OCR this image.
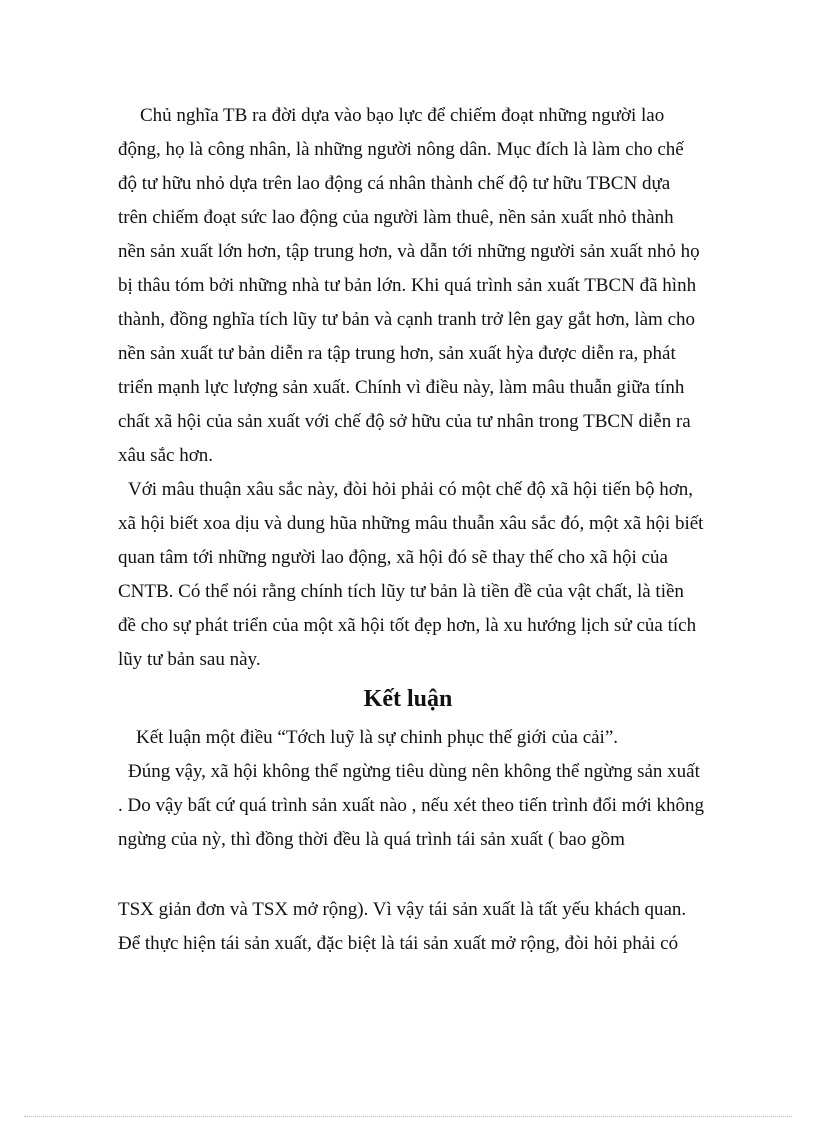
Chủ nghĩa TB ra đời dựa vào bạo lực để chiếm đoạt những người lao
động, họ là công nhân, là những người nông dân. Mục đích là làm cho chế
độ tư hữu nhỏ dựa trên lao động cá nhân thành chế độ tư hữu TBCN dựa
trên chiếm đoạt sức lao động của người làm thuê, nền sản xuất nhỏ thành
nền sản xuất lớn hơn, tập trung hơn, và dẫn tới những người sản xuất nhỏ họ
bị thâu tóm bởi những nhà tư bản lớn. Khi quá trình sản xuất TBCN đã hình
thành, đồng nghĩa tích lũy tư bản và cạnh tranh trở lên gay gắt hơn, làm cho
nền sản xuất tư bản diễn ra tập trung hơn, sản xuất hỳa được diễn ra, phát
triển mạnh lực lượng sản xuất. Chính vì điều này, làm mâu thuẫn giữa tính
chất xã hội của sản xuất với chế độ sở hữu của tư nhân trong TBCN diễn ra
xâu sắc hơn.
Với mâu thuận xâu sắc này, đòi hỏi phải có một chế độ xã hội tiến bộ hơn,
xã hội biết xoa dịu và dung hũa những mâu thuẫn xâu sắc đó, một xã hội biết
quan tâm tới những người lao động, xã hội đó sẽ thay thế cho xã hội của
CNTB. Có thể nói rằng chính tích lũy tư bản là tiền đề của vật chất, là tiền
đề cho sự phát triển của một xã hội tốt đẹp hơn, là xu hướng lịch sử của tích
lũy tư bản sau này.
Kết luận
Kết luận một điều “Tớch luỹ là sự chinh phục thế giới của cải”.
Đúng vậy, xã hội không thể ngừng tiêu dùng nên không thể ngừng sản xuất
. Do vậy bất cứ quá trình sản xuất nào , nếu xét theo tiến trình đổi mới không
ngừng của nỳ, thì đồng thời đều là quá trình tái sản xuất ( bao gồm
TSX giản đơn và TSX mở rộng). Vì vậy tái sản xuất là tất yếu khách quan.
Để thực hiện tái sản xuất, đặc biệt là tái sản xuất mở rộng, đòi hỏi phải có
